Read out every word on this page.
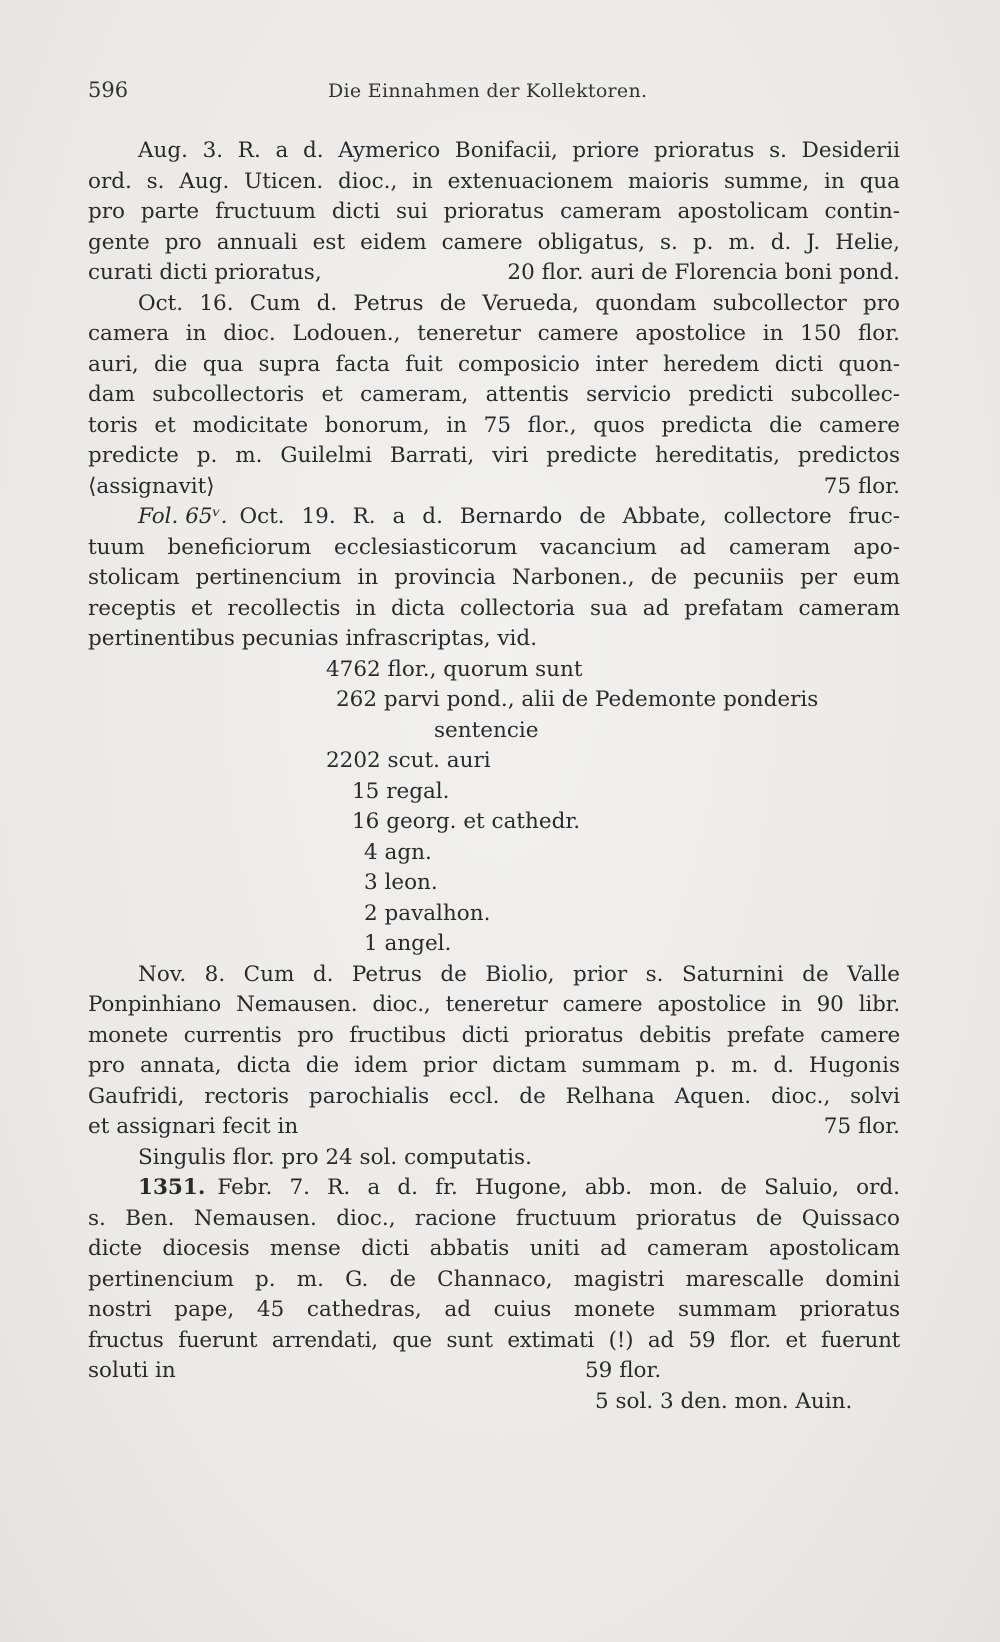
596	Die Einnahmen der Kollektoren.
Aug. 3. R. a d. Aymerico Bonifacii, priore prioratus s. Desiderii
ord. s. Aug. Uticen. dioc., in extenuacionem maioris summe, in qua
pro parte fructuum dicti sui prioratus cameram apostolicam contin-
gente pro annuali est eidem camere obligatus, s. p. m. d. J. Helie,
curati dicti prioratus,	20 flor. auri de Florencia boni pond.
Oct. 16. Cum d. Petrus de Verueda, quondam subcollector pro
camera in dioc. Lodouen., teneretur camere apostolice in 150 flor.
auri, die qua supra facta fuit composicio inter heredem dicti quon-
dam subcollectoris et cameram, attentis servicio predicti subcollec-
toris et modicitate bonorum, in 75 flor., quos predicta die camere
predicte p. m. Guilelmi Barrati, viri predicte hereditatis, predictos
⟨assignavit⟩	75 flor.
Fol. 65ᵛ. Oct. 19. R. a d. Bernardo de Abbate, collectore fruc-
tuum beneficiorum ecclesiasticorum vacancium ad cameram apo-
stolicam pertinencium in provincia Narbonen., de pecuniis per eum
receptis et recollectis in dicta collectoria sua ad prefatam cameram
pertinentibus pecunias infrascriptas, vid.
4762 flor., quorum sunt
262 parvi pond., alii de Pedemonte ponderis
sentencie
2202 scut. auri
15 regal.
16 georg. et cathedr.
4 agn.
3 leon.
2 pavalhon.
1 angel.
Nov. 8. Cum d. Petrus de Biolio, prior s. Saturnini de Valle
Ponpinhiano Nemausen. dioc., teneretur camere apostolice in 90 libr.
monete currentis pro fructibus dicti prioratus debitis prefate camere
pro annata, dicta die idem prior dictam summam p. m. d. Hugonis
Gaufridi, rectoris parochialis eccl. de Relhana Aquen. dioc., solvi
et assignari fecit in	75 flor.
Singulis flor. pro 24 sol. computatis.
1351. Febr. 7. R. a d. fr. Hugone, abb. mon. de Saluio, ord.
s. Ben. Nemausen. dioc., racione fructuum prioratus de Quissaco
dicte diocesis mense dicti abbatis uniti ad cameram apostolicam
pertinencium p. m. G. de Channaco, magistri marescalle domini
nostri pape, 45 cathedras, ad cuius monete summam prioratus
fructus fuerunt arrendati, que sunt extimati (!) ad 59 flor. et fuerunt
soluti in	59 flor.
5 sol. 3 den. mon. Auin.
